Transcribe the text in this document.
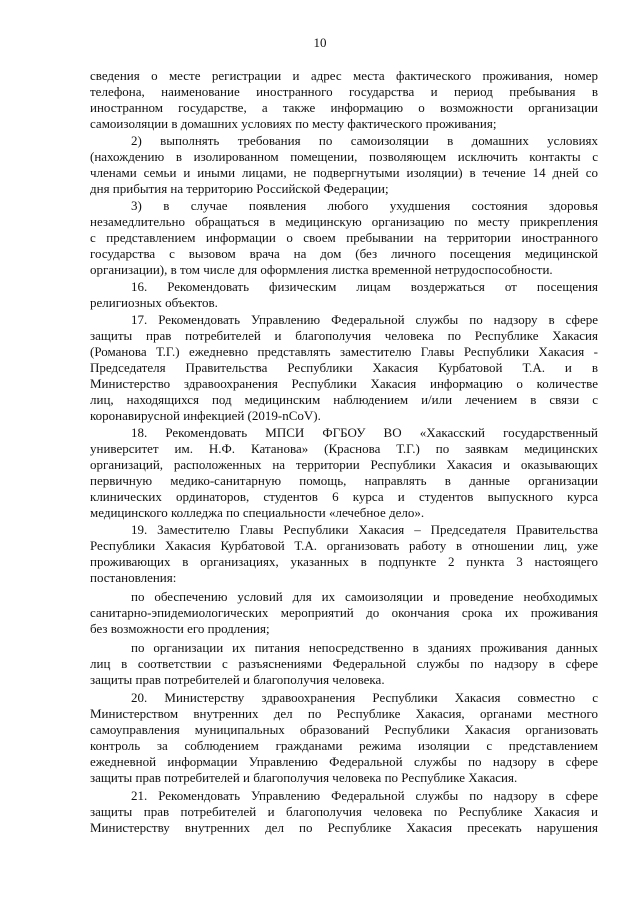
10
сведения о месте регистрации и адрес места фактического проживания, номер
телефона, наименование иностранного государства и период пребывания в
иностранном государстве, а также информацию о возможности организации
самоизоляции в домашних условиях по месту фактического проживания;
2) выполнять требования по самоизоляции в домашних условиях
(нахождению в изолированном помещении, позволяющем исключить контакты с
членами семьи и иными лицами, не подвергнутыми изоляции) в течение 14 дней со
дня прибытия на территорию Российской Федерации;
3) в случае появления любого ухудшения состояния здоровья
незамедлительно обращаться в медицинскую организацию по месту прикрепления
с представлением информации о своем пребывании на территории иностранного
государства с вызовом врача на дом (без личного посещения медицинской
организации), в том числе для оформления листка временной нетрудоспособности.
16. Рекомендовать физическим лицам воздержаться от посещения
религиозных объектов.
17. Рекомендовать Управлению Федеральной службы по надзору в сфере
защиты прав потребителей и благополучия человека по Республике Хакасия
(Романова Т.Г.) ежедневно представлять заместителю Главы Республики Хакасия -
Председателя Правительства Республики Хакасия Курбатовой Т.А. и в
Министерство здравоохранения Республики Хакасия информацию о количестве
лиц, находящихся под медицинским наблюдением и/или лечением в связи с
коронавирусной инфекцией (2019-nCoV).
18. Рекомендовать МПСИ ФГБОУ ВО «Хакасский государственный
университет им. Н.Ф. Катанова» (Краснова Т.Г.) по заявкам медицинских
организаций, расположенных на территории Республики Хакасия и оказывающих
первичную медико-санитарную помощь, направлять в данные организации
клинических ординаторов, студентов 6 курса и студентов выпускного курса
медицинского колледжа по специальности «лечебное дело».
19. Заместителю Главы Республики Хакасия – Председателя Правительства
Республики Хакасия Курбатовой Т.А. организовать работу в отношении лиц, уже
проживающих в организациях, указанных в подпункте 2 пункта 3 настоящего
постановления:
по обеспечению условий для их самоизоляции и проведение необходимых
санитарно-эпидемиологических мероприятий до окончания срока их проживания
без возможности его продления;
по организации их питания непосредственно в зданиях проживания данных
лиц в соответствии с разъяснениями Федеральной службы по надзору в сфере
защиты прав потребителей и благополучия человека.
20. Министерству здравоохранения Республики Хакасия совместно с
Министерством внутренних дел по Республике Хакасия, органами местного
самоуправления муниципальных образований Республики Хакасия организовать
контроль за соблюдением гражданами режима изоляции с представлением
ежедневной информации Управлению Федеральной службы по надзору в сфере
защиты прав потребителей и благополучия человека по Республике Хакасия.
21. Рекомендовать Управлению Федеральной службы по надзору в сфере
защиты прав потребителей и благополучия человека по Республике Хакасия и
Министерству внутренних дел по Республике Хакасия пресекать нарушения
